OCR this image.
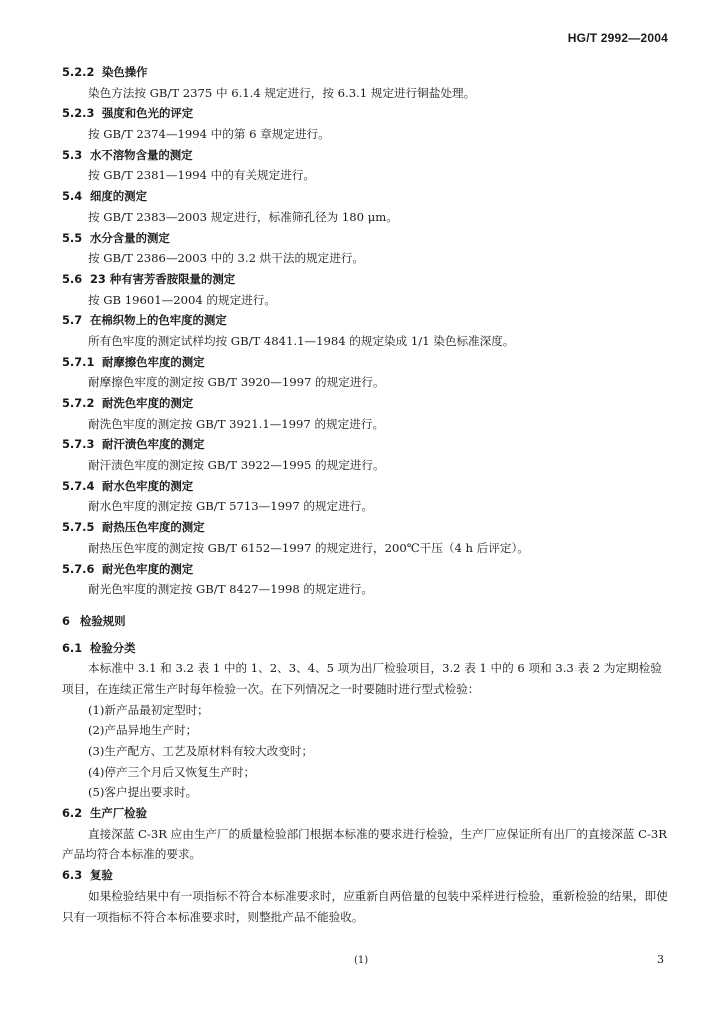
HG/T 2992—2004
5.2.2 染色操作
染色方法按 GB/T 2375 中 6.1.4 规定进行，按 6.3.1 规定进行铜盐处理。
5.2.3 强度和色光的评定
按 GB/T 2374—1994 中的第 6 章规定进行。
5.3 水不溶物含量的测定
按 GB/T 2381—1994 中的有关规定进行。
5.4 细度的测定
按 GB/T 2383—2003 规定进行，标准筛孔径为 180 μm。
5.5 水分含量的测定
按 GB/T 2386—2003 中的 3.2 烘干法的规定进行。
5.6 23 种有害芳香胺限量的测定
按 GB 19601—2004 的规定进行。
5.7 在棉织物上的色牢度的测定
所有色牢度的测定试样均按 GB/T 4841.1—1984 的规定染成 1/1 染色标准深度。
5.7.1 耐摩擦色牢度的测定
耐摩擦色牢度的测定按 GB/T 3920—1997 的规定进行。
5.7.2 耐洗色牢度的测定
耐洗色牢度的测定按 GB/T 3921.1—1997 的规定进行。
5.7.3 耐汗渍色牢度的测定
耐汗渍色牢度的测定按 GB/T 3922—1995 的规定进行。
5.7.4 耐水色牢度的测定
耐水色牢度的测定按 GB/T 5713—1997 的规定进行。
5.7.5 耐热压色牢度的测定
耐热压色牢度的测定按 GB/T 6152—1997 的规定进行，200℃干压（4 h 后评定）。
5.7.6 耐光色牢度的测定
耐光色牢度的测定按 GB/T 8427—1998 的规定进行。
6 检验规则
6.1 检验分类
本标准中 3.1 和 3.2 表 1 中的 1、2、3、4、5 项为出厂检验项目，3.2 表 1 中的 6 项和 3.3 表 2 为定期检验项目，在连续正常生产时每年检验一次。在下列情况之一时要随时进行型式检验：
(1)新产品最初定型时；
(2)产品异地生产时；
(3)生产配方、工艺及原材料有较大改变时；
(4)停产三个月后又恢复生产时；
(5)客户提出要求时。
6.2 生产厂检验
直接深蓝 C-3R 应由生产厂的质量检验部门根据本标准的要求进行检验，生产厂应保证所有出厂的直接深蓝 C-3R 产品均符合本标准的要求。
6.3 复验
如果检验结果中有一项指标不符合本标准要求时，应重新自两倍量的包装中采样进行检验，重新检验的结果，即使只有一项指标不符合本标准要求时，则整批产品不能验收。
(1)	3
